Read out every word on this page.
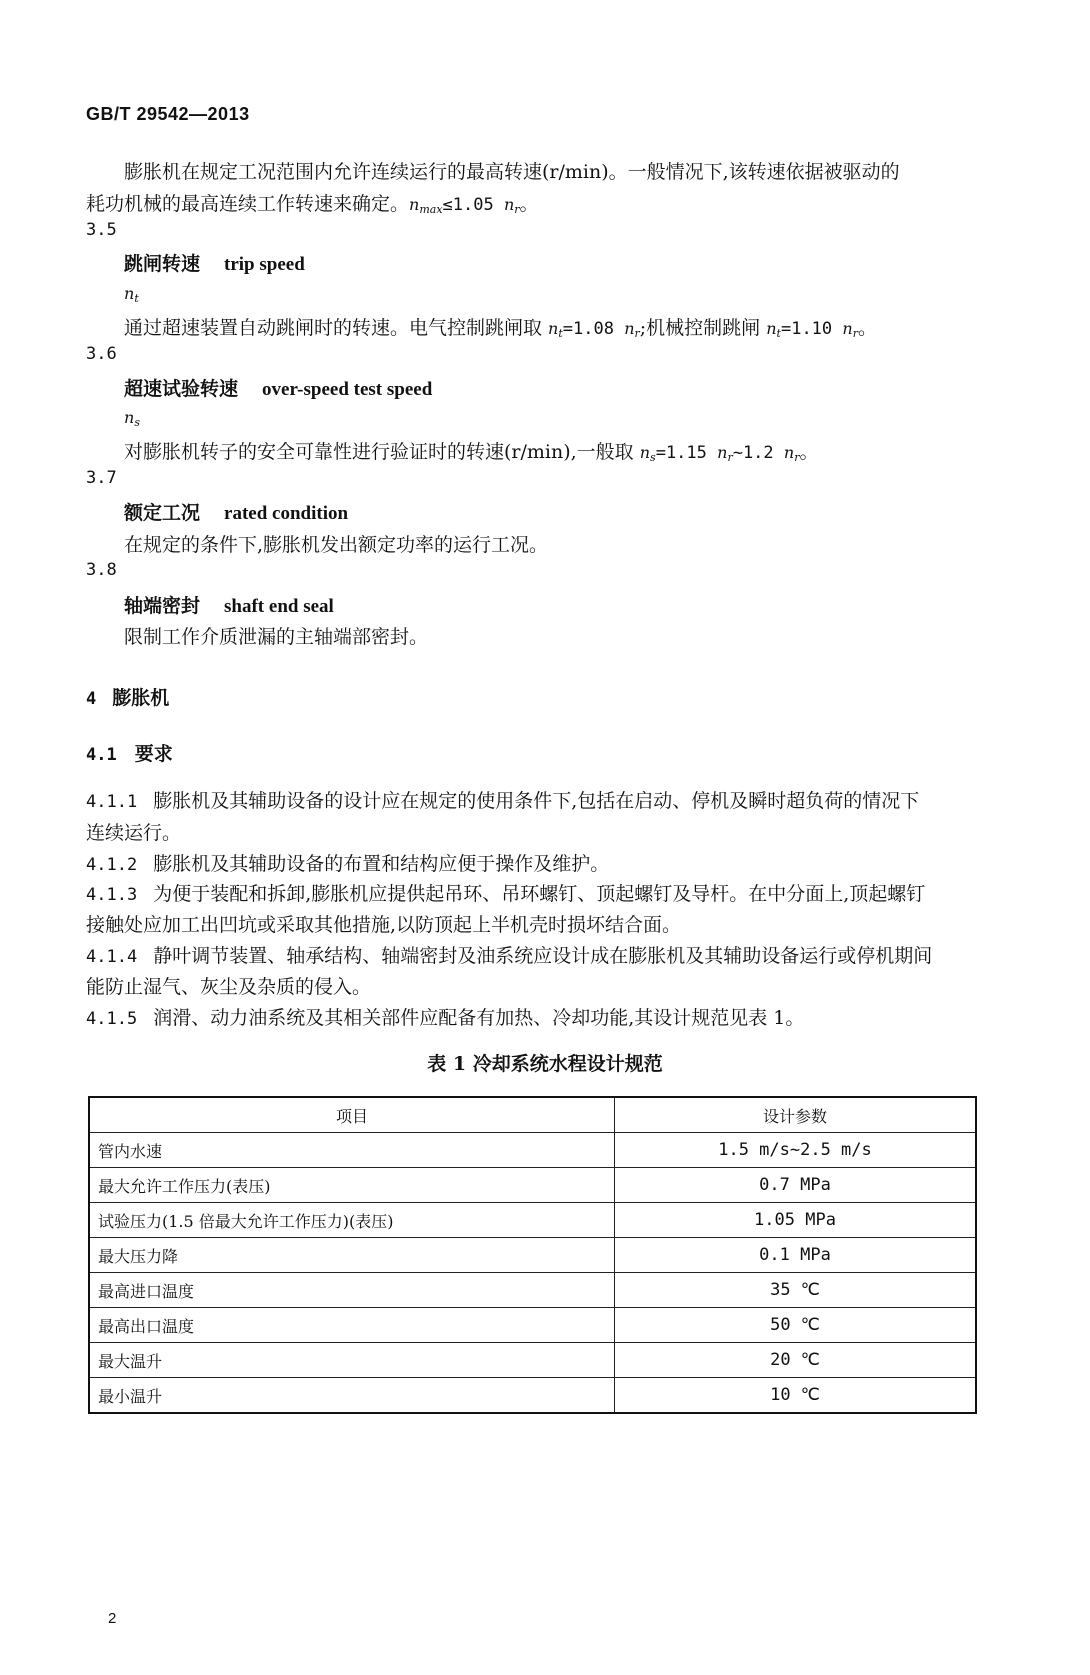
GB/T 29542—2013
膨胀机在规定工况范围内允许连续运行的最高转速(r/min)。一般情况下,该转速依据被驱动的
耗功机械的最高连续工作转速来确定。$n_{max}\le 1.05$ $n_r$。
3.5
跳闸转速 trip speed
$n_t$
通过超速装置自动跳闸时的转速。电气控制跳闸取 $n_t=1.08$ $n_r$;机械控制跳闸 $n_t=1.10$ $n_r$。
3.6
超速试验转速 over-speed test speed
$n_s$
对膨胀机转子的安全可靠性进行验证时的转速(r/min),一般取 $n_s=1.15$ $n_r\sim 1.2$ $n_r$。
3.7
额定工况 rated condition
在规定的条件下,膨胀机发出额定功率的运行工况。
3.8
轴端密封 shaft end seal
限制工作介质泄漏的主轴端部密封。
4 膨胀机
4.1 要求
4.1.1 膨胀机及其辅助设备的设计应在规定的使用条件下,包括在启动、停机及瞬时超负荷的情况下
连续运行。
4.1.2 膨胀机及其辅助设备的布置和结构应便于操作及维护。
4.1.3 为便于装配和拆卸,膨胀机应提供起吊环、吊环螺钉、顶起螺钉及导杆。在中分面上,顶起螺钉
接触处应加工出凹坑或采取其他措施,以防顶起上半机壳时损坏结合面。
4.1.4 静叶调节装置、轴承结构、轴端密封及油系统应设计成在膨胀机及其辅助设备运行或停机期间
能防止湿气、灰尘及杂质的侵入。
4.1.5 润滑、动力油系统及其相关部件应配备有加热、冷却功能,其设计规范见表 1。
表 1 冷却系统水程设计规范
项目	设计参数
管内水速	1.5 m/s~2.5 m/s
最大允许工作压力(表压)	0.7 MPa
试验压力(1.5 倍最大允许工作压力)(表压)	1.05 MPa
最大压力降	0.1 MPa
最高进口温度	35 ℃
最高出口温度	50 ℃
最大温升	20 ℃
最小温升	10 ℃
2
